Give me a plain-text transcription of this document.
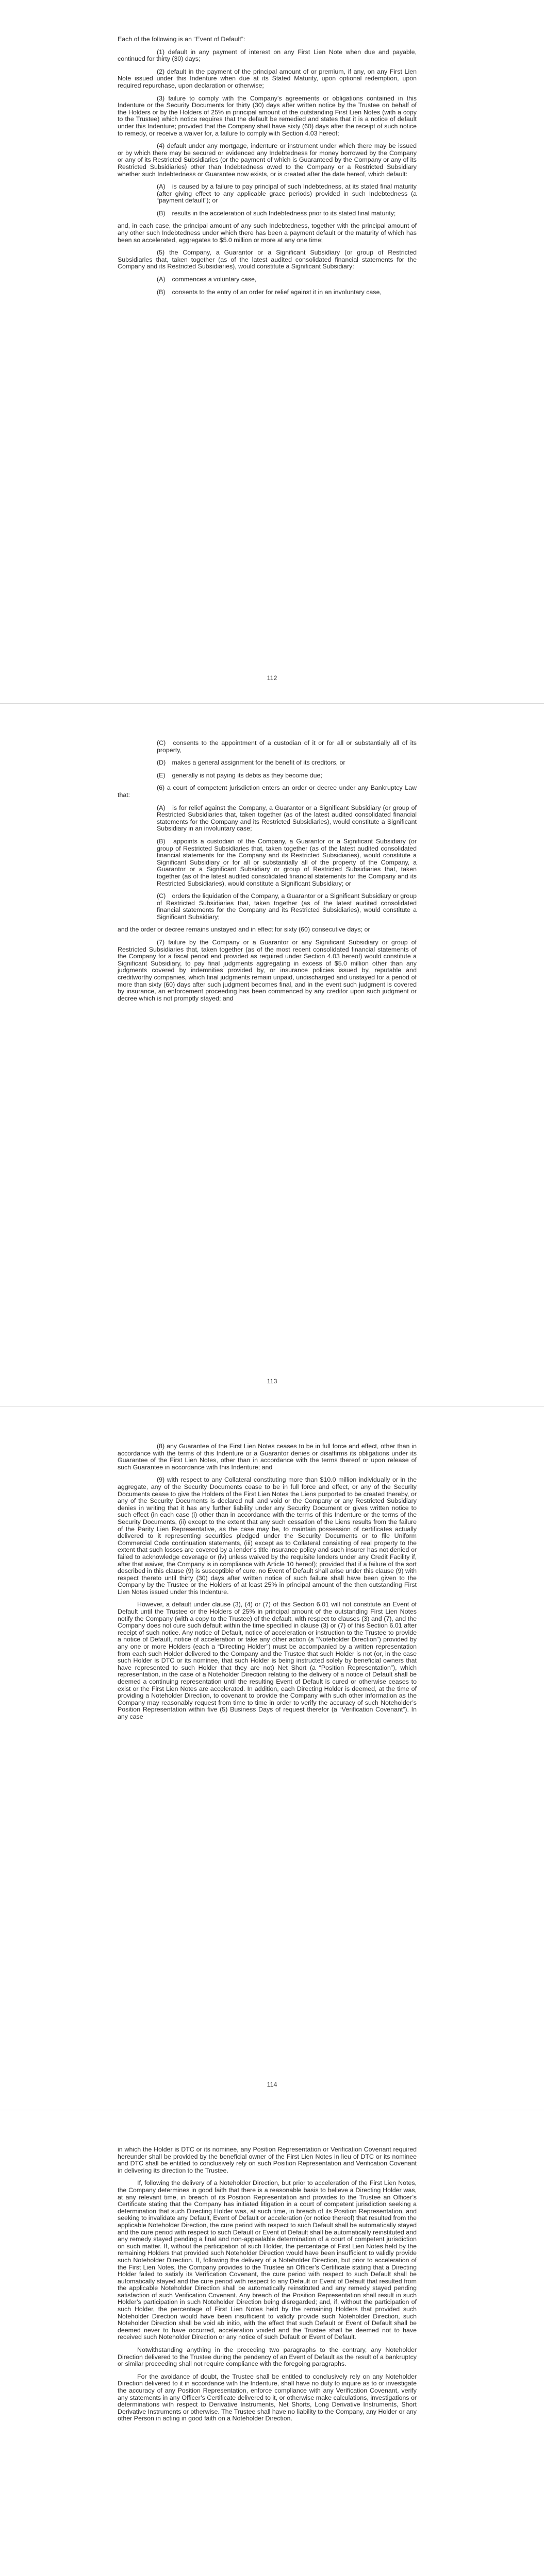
Each of the following is an “Event of Default”:

(1) default in any payment of interest on any First Lien Note when due and payable, continued for thirty (30) days;

(2) default in the payment of the principal amount of or premium, if any, on any First Lien Note issued under this Indenture when due at its Stated Maturity, upon optional redemption, upon required repurchase, upon declaration or otherwise;

(3) failure to comply with the Company’s agreements or obligations contained in this Indenture or the Security Documents for thirty (30) days after written notice by the Trustee on behalf of the Holders or by the Holders of 25% in principal amount of the outstanding First Lien Notes (with a copy to the Trustee) which notice requires that the default be remedied and states that it is a notice of default under this Indenture; provided that the Company shall have sixty (60) days after the receipt of such notice to remedy, or receive a waiver for, a failure to comply with Section 4.03 hereof;

(4) default under any mortgage, indenture or instrument under which there may be issued or by which there may be secured or evidenced any Indebtedness for money borrowed by the Company or any of its Restricted Subsidiaries (or the payment of which is Guaranteed by the Company or any of its Restricted Subsidiaries) other than Indebtedness owed to the Company or a Restricted Subsidiary whether such Indebtedness or Guarantee now exists, or is created after the date hereof, which default:

(A) is caused by a failure to pay principal of such Indebtedness, at its stated final maturity (after giving effect to any applicable grace periods) provided in such Indebtedness (a “payment default”); or

(B) results in the acceleration of such Indebtedness prior to its stated final maturity;

and, in each case, the principal amount of any such Indebtedness, together with the principal amount of any other such Indebtedness under which there has been a payment default or the maturity of which has been so accelerated, aggregates to $5.0 million or more at any one time;

(5) the Company, a Guarantor or a Significant Subsidiary (or group of Restricted Subsidiaries that, taken together (as of the latest audited consolidated financial statements for the Company and its Restricted Subsidiaries), would constitute a Significant Subsidiary:

(A) commences a voluntary case,

(B) consents to the entry of an order for relief against it in an involuntary case,

112

(C) consents to the appointment of a custodian of it or for all or substantially all of its property,

(D) makes a general assignment for the benefit of its creditors, or

(E) generally is not paying its debts as they become due;

(6) a court of competent jurisdiction enters an order or decree under any Bankruptcy Law that:

(A) is for relief against the Company, a Guarantor or a Significant Subsidiary (or group of Restricted Subsidiaries that, taken together (as of the latest audited consolidated financial statements for the Company and its Restricted Subsidiaries), would constitute a Significant Subsidiary in an involuntary case;

(B) appoints a custodian of the Company, a Guarantor or a Significant Subsidiary (or group of Restricted Subsidiaries that, taken together (as of the latest audited consolidated financial statements for the Company and its Restricted Subsidiaries), would constitute a Significant Subsidiary or for all or substantially all of the property of the Company, a Guarantor or a Significant Subsidiary or group of Restricted Subsidiaries that, taken together (as of the latest audited consolidated financial statements for the Company and its Restricted Subsidiaries), would constitute a Significant Subsidiary; or

(C) orders the liquidation of the Company, a Guarantor or a Significant Subsidiary or group of Restricted Subsidiaries that, taken together (as of the latest audited consolidated financial statements for the Company and its Restricted Subsidiaries), would constitute a Significant Subsidiary;

and the order or decree remains unstayed and in effect for sixty (60) consecutive days; or

(7) failure by the Company or a Guarantor or any Significant Subsidiary or group of Restricted Subsidiaries that, taken together (as of the most recent consolidated financial statements of the Company for a fiscal period end provided as required under Section 4.03 hereof) would constitute a Significant Subsidiary, to pay final judgments aggregating in excess of $5.0 million other than any judgments covered by indemnities provided by, or insurance policies issued by, reputable and creditworthy companies, which final judgments remain unpaid, undischarged and unstayed for a period of more than sixty (60) days after such judgment becomes final, and in the event such judgment is covered by insurance, an enforcement proceeding has been commenced by any creditor upon such judgment or decree which is not promptly stayed; and

113

(8) any Guarantee of the First Lien Notes ceases to be in full force and effect, other than in accordance with the terms of this Indenture or a Guarantor denies or disaffirms its obligations under its Guarantee of the First Lien Notes, other than in accordance with the terms thereof or upon release of such Guarantee in accordance with this Indenture; and

(9) with respect to any Collateral constituting more than $10.0 million individually or in the aggregate, any of the Security Documents cease to be in full force and effect, or any of the Security Documents cease to give the Holders of the First Lien Notes the Liens purported to be created thereby, or any of the Security Documents is declared null and void or the Company or any Restricted Subsidiary denies in writing that it has any further liability under any Security Document or gives written notice to such effect (in each case (i) other than in accordance with the terms of this Indenture or the terms of the Security Documents, (ii) except to the extent that any such cessation of the Liens results from the failure of the Parity Lien Representative, as the case may be, to maintain possession of certificates actually delivered to it representing securities pledged under the Security Documents or to file Uniform Commercial Code continuation statements, (iii) except as to Collateral consisting of real property to the extent that such losses are covered by a lender’s title insurance policy and such insurer has not denied or failed to acknowledge coverage or (iv) unless waived by the requisite lenders under any Credit Facility if, after that waiver, the Company is in compliance with Article 10 hereof); provided that if a failure of the sort described in this clause (9) is susceptible of cure, no Event of Default shall arise under this clause (9) with respect thereto until thirty (30) days after written notice of such failure shall have been given to the Company by the Trustee or the Holders of at least 25% in principal amount of the then outstanding First Lien Notes issued under this Indenture.

However, a default under clause (3), (4) or (7) of this Section 6.01 will not constitute an Event of Default until the Trustee or the Holders of 25% in principal amount of the outstanding First Lien Notes notify the Company (with a copy to the Trustee) of the default, with respect to clauses (3) and (7), and the Company does not cure such default within the time specified in clause (3) or (7) of this Section 6.01 after receipt of such notice. Any notice of Default, notice of acceleration or instruction to the Trustee to provide a notice of Default, notice of acceleration or take any other action (a “Noteholder Direction”) provided by any one or more Holders (each a “Directing Holder”) must be accompanied by a written representation from each such Holder delivered to the Company and the Trustee that such Holder is not (or, in the case such Holder is DTC or its nominee, that such Holder is being instructed solely by beneficial owners that have represented to such Holder that they are not) Net Short (a “Position Representation”), which representation, in the case of a Noteholder Direction relating to the delivery of a notice of Default shall be deemed a continuing representation until the resulting Event of Default is cured or otherwise ceases to exist or the First Lien Notes are accelerated. In addition, each Directing Holder is deemed, at the time of providing a Noteholder Direction, to covenant to provide the Company with such other information as the Company may reasonably request from time to time in order to verify the accuracy of such Noteholder’s Position Representation within five (5) Business Days of request therefor (a “Verification Covenant”). In any case

114

in which the Holder is DTC or its nominee, any Position Representation or Verification Covenant required hereunder shall be provided by the beneficial owner of the First Lien Notes in lieu of DTC or its nominee and DTC shall be entitled to conclusively rely on such Position Representation and Verification Covenant in delivering its direction to the Trustee.

If, following the delivery of a Noteholder Direction, but prior to acceleration of the First Lien Notes, the Company determines in good faith that there is a reasonable basis to believe a Directing Holder was, at any relevant time, in breach of its Position Representation and provides to the Trustee an Officer’s Certificate stating that the Company has initiated litigation in a court of competent jurisdiction seeking a determination that such Directing Holder was, at such time, in breach of its Position Representation, and seeking to invalidate any Default, Event of Default or acceleration (or notice thereof) that resulted from the applicable Noteholder Direction, the cure period with respect to such Default shall be automatically stayed and the cure period with respect to such Default or Event of Default shall be automatically reinstituted and any remedy stayed pending a final and non-appealable determination of a court of competent jurisdiction on such matter. If, without the participation of such Holder, the percentage of First Lien Notes held by the remaining Holders that provided such Noteholder Direction would have been insufficient to validly provide such Noteholder Direction. If, following the delivery of a Noteholder Direction, but prior to acceleration of the First Lien Notes, the Company provides to the Trustee an Officer’s Certificate stating that a Directing Holder failed to satisfy its Verification Covenant, the cure period with respect to such Default shall be automatically stayed and the cure period with respect to any Default or Event of Default that resulted from the applicable Noteholder Direction shall be automatically reinstituted and any remedy stayed pending satisfaction of such Verification Covenant. Any breach of the Position Representation shall result in such Holder’s participation in such Noteholder Direction being disregarded; and, if, without the participation of such Holder, the percentage of First Lien Notes held by the remaining Holders that provided such Noteholder Direction would have been insufficient to validly provide such Noteholder Direction, such Noteholder Direction shall be void ab initio, with the effect that such Default or Event of Default shall be deemed never to have occurred, acceleration voided and the Trustee shall be deemed not to have received such Noteholder Direction or any notice of such Default or Event of Default.

Notwithstanding anything in the preceding two paragraphs to the contrary, any Noteholder Direction delivered to the Trustee during the pendency of an Event of Default as the result of a bankruptcy or similar proceeding shall not require compliance with the foregoing paragraphs.

For the avoidance of doubt, the Trustee shall be entitled to conclusively rely on any Noteholder Direction delivered to it in accordance with the Indenture, shall have no duty to inquire as to or investigate the accuracy of any Position Representation, enforce compliance with any Verification Covenant, verify any statements in any Officer’s Certificate delivered to it, or otherwise make calculations, investigations or determinations with respect to Derivative Instruments, Net Shorts, Long Derivative Instruments, Short Derivative Instruments or otherwise. The Trustee shall have no liability to the Company, any Holder or any other Person in acting in good faith on a Noteholder Direction.
